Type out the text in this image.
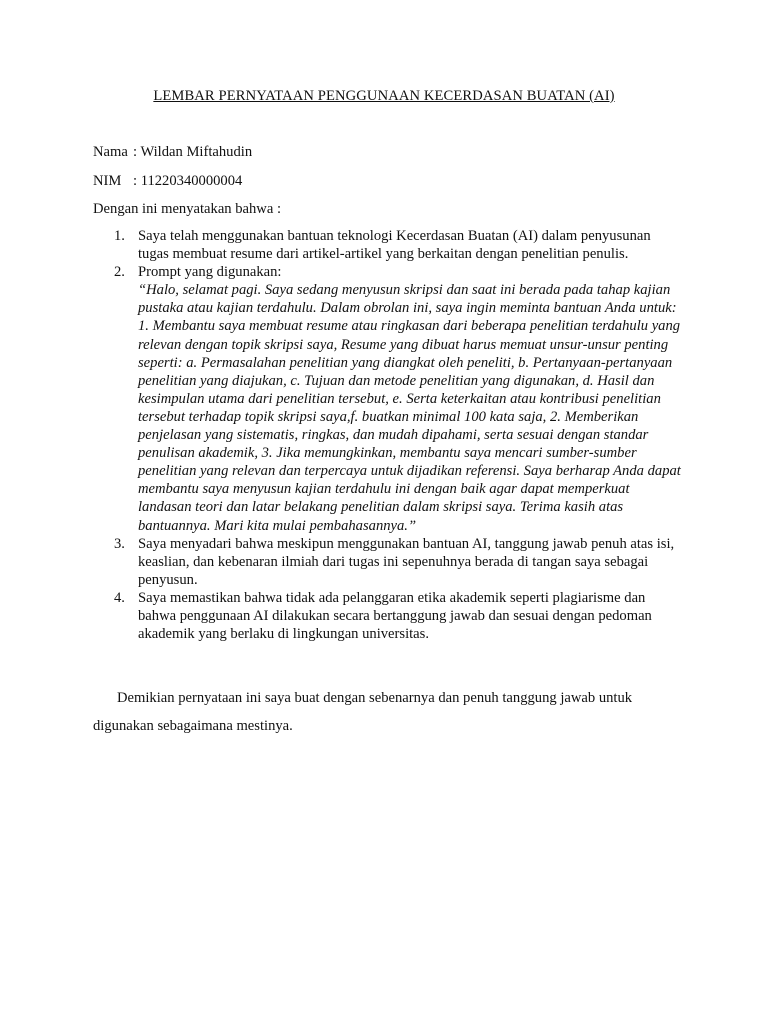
LEMBAR PERNYATAAN PENGGUNAAN KECERDASAN BUATAN (AI)
Nama : Wildan Miftahudin
NIM : 11220340000004

Dengan ini menyatakan bahwa :

1. Saya telah menggunakan bantuan teknologi Kecerdasan Buatan (AI) dalam penyusunan tugas membuat resume dari artikel-artikel yang berkaitan dengan penelitian penulis.
2. Prompt yang digunakan:
“Halo, selamat pagi. Saya sedang menyusun skripsi dan saat ini berada pada tahap kajian pustaka atau kajian terdahulu. Dalam obrolan ini, saya ingin meminta bantuan Anda untuk: 1. Membantu saya membuat resume atau ringkasan dari beberapa penelitian terdahulu yang relevan dengan topik skripsi saya, Resume yang dibuat harus memuat unsur-unsur penting seperti: a. Permasalahan penelitian yang diangkat oleh peneliti, b. Pertanyaan-pertanyaan penelitian yang diajukan, c. Tujuan dan metode penelitian yang digunakan, d. Hasil dan kesimpulan utama dari penelitian tersebut, e. Serta keterkaitan atau kontribusi penelitian tersebut terhadap topik skripsi saya,f. buatkan minimal 100 kata saja, 2. Memberikan penjelasan yang sistematis, ringkas, dan mudah dipahami, serta sesuai dengan standar penulisan akademik, 3. Jika memungkinkan, membantu saya mencari sumber-sumber penelitian yang relevan dan terpercaya untuk dijadikan referensi. Saya berharap Anda dapat membantu saya menyusun kajian terdahulu ini dengan baik agar dapat memperkuat landasan teori dan latar belakang penelitian dalam skripsi saya. Terima kasih atas bantuannya. Mari kita mulai pembahasannya.”
3. Saya menyadari bahwa meskipun menggunakan bantuan AI, tanggung jawab penuh atas isi, keaslian, dan kebenaran ilmiah dari tugas ini sepenuhnya berada di tangan saya sebagai penyusun.
4. Saya memastikan bahwa tidak ada pelanggaran etika akademik seperti plagiarisme dan bahwa penggunaan AI dilakukan secara bertanggung jawab dan sesuai dengan pedoman akademik yang berlaku di lingkungan universitas.

Demikian pernyataan ini saya buat dengan sebenarnya dan penuh tanggung jawab untuk

digunakan sebagaimana mestinya.
